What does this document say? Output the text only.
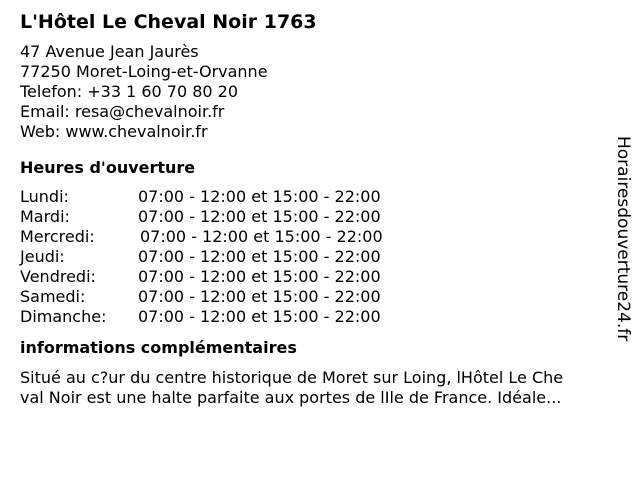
L'Hôtel Le Cheval Noir 1763
47 Avenue Jean Jaurès
77250 Moret-Loing-et-Orvanne
Telefon: +33 1 60 70 80 20
Email: resa@chevalnoir.fr
Web: www.chevalnoir.fr
Heures d'ouverture
Lundi:	07:00 - 12:00 et 15:00 - 22:00
Mardi:	07:00 - 12:00 et 15:00 - 22:00
Mercredi:	07:00 - 12:00 et 15:00 - 22:00
Jeudi:	07:00 - 12:00 et 15:00 - 22:00
Vendredi:	07:00 - 12:00 et 15:00 - 22:00
Samedi:	07:00 - 12:00 et 15:00 - 22:00
Dimanche: 07:00 - 12:00 et 15:00 - 22:00
informations complémentaires
Situé au c?ur du centre historique de Moret sur Loing, lHôtel Le Che
val Noir est une halte parfaite aux portes de lIle de France. Idéale...
Horairesdouverture24.fr
